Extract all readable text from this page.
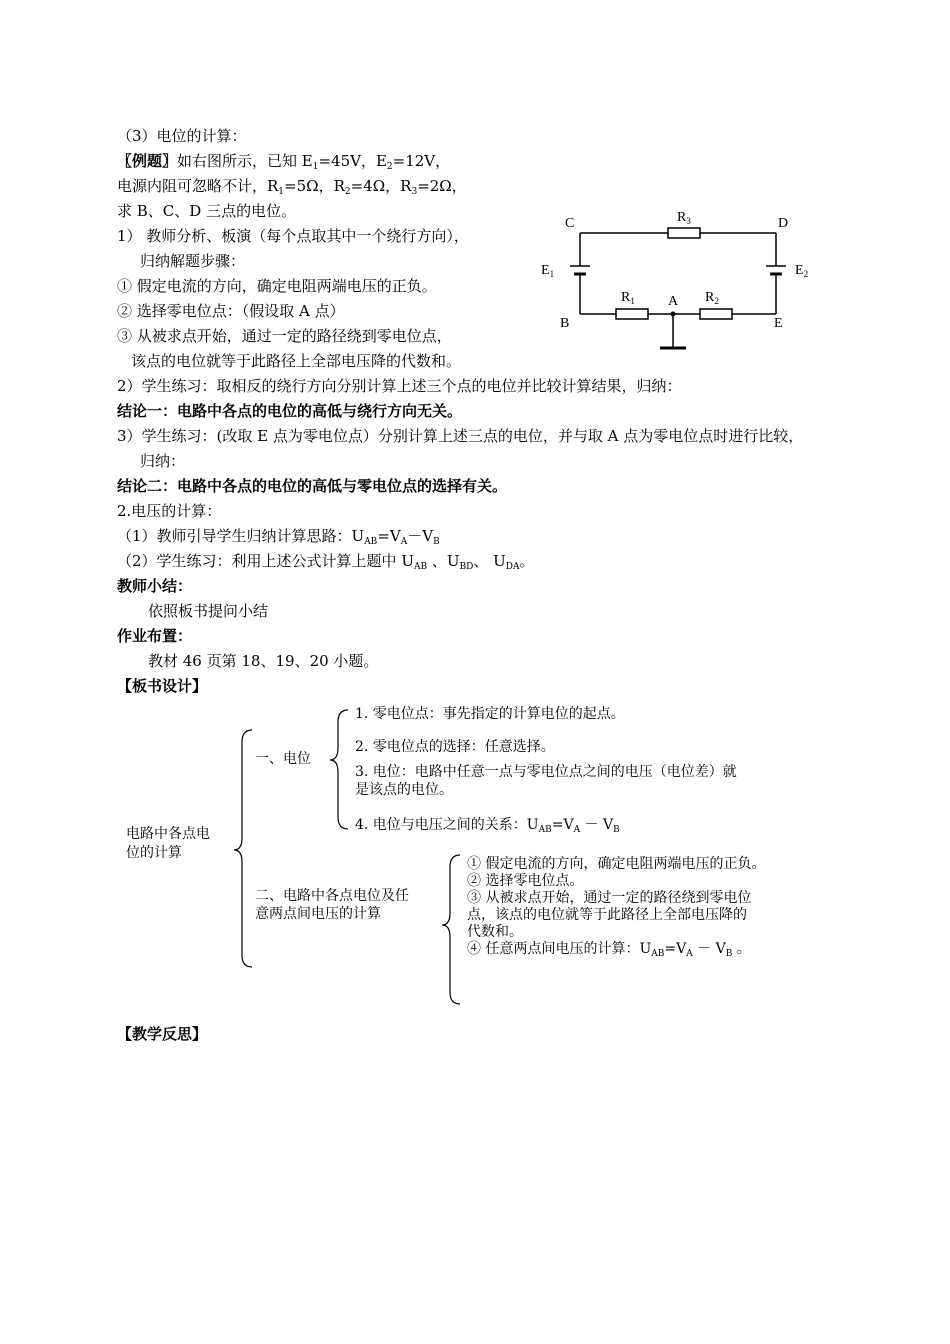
（3）电位的计算：
〖例题〗如右图所示，已知 $E_1=45V$，$E_2=12V$，
电源内阻可忽略不计，$R_1=5\Omega$，$R_2=4\Omega$，$R_3=2\Omega$，
求 B、C、D 三点的电位。
1） 教师分析、板演（每个点取其中一个绕行方向），
归纳解题步骤：
① 假定电流的方向，确定电阻两端电压的正负。
② 选择零电位点：（假设取 A 点）
③ 从被求点开始，通过一定的路径绕到零电位点，
该点的电位就等于此路径上全部电压降的代数和。
2）学生练习：取相反的绕行方向分别计算上述三个点的电位并比较计算结果，归纳：
结论一：电路中各点的电位的高低与绕行方向无关。
3）学生练习：(改取 E 点为零电位点）分别计算上述三点的电位，并与取 A 点为零电位点时进行比较，
归纳：
结论二：电路中各点的电位的高低与零电位点的选择有关。
2.电压的计算：
（1）教师引导学生归纳计算思路：$U_{AB}=V_A-V_B$
（2）学生练习：利用上述公式计算上题中 $U_{AB}$ 、$U_{BD}$、 $U_{DA}$。
教师小结：
依照板书提问小结
作业布置：
教材 46 页第 18、19、20 小题。
【板书设计】
C	D
$R_3$
$E_1$	$E_2$
$R_1$ A $R_2$
B	E
电路中各点电
位的计算
一、电位
1. 零电位点：事先指定的计算电位的起点。
2. 零电位点的选择：任意选择。
3. 电位：电路中任意一点与零电位点之间的电压（电位差）就
是该点的电位。
4. 电位与电压之间的关系：$U_{AB}=V_A - V_B$
二、电路中各点电位及任
意两点间电压的计算
① 假定电流的方向，确定电阻两端电压的正负。
② 选择零电位点。
③ 从被求点开始，通过一定的路径绕到零电位
点，该点的电位就等于此路径上全部电压降的
代数和。
④ 任意两点间电压的计算：$U_{AB}=V_A - V_B$ 。
【教学反思】
